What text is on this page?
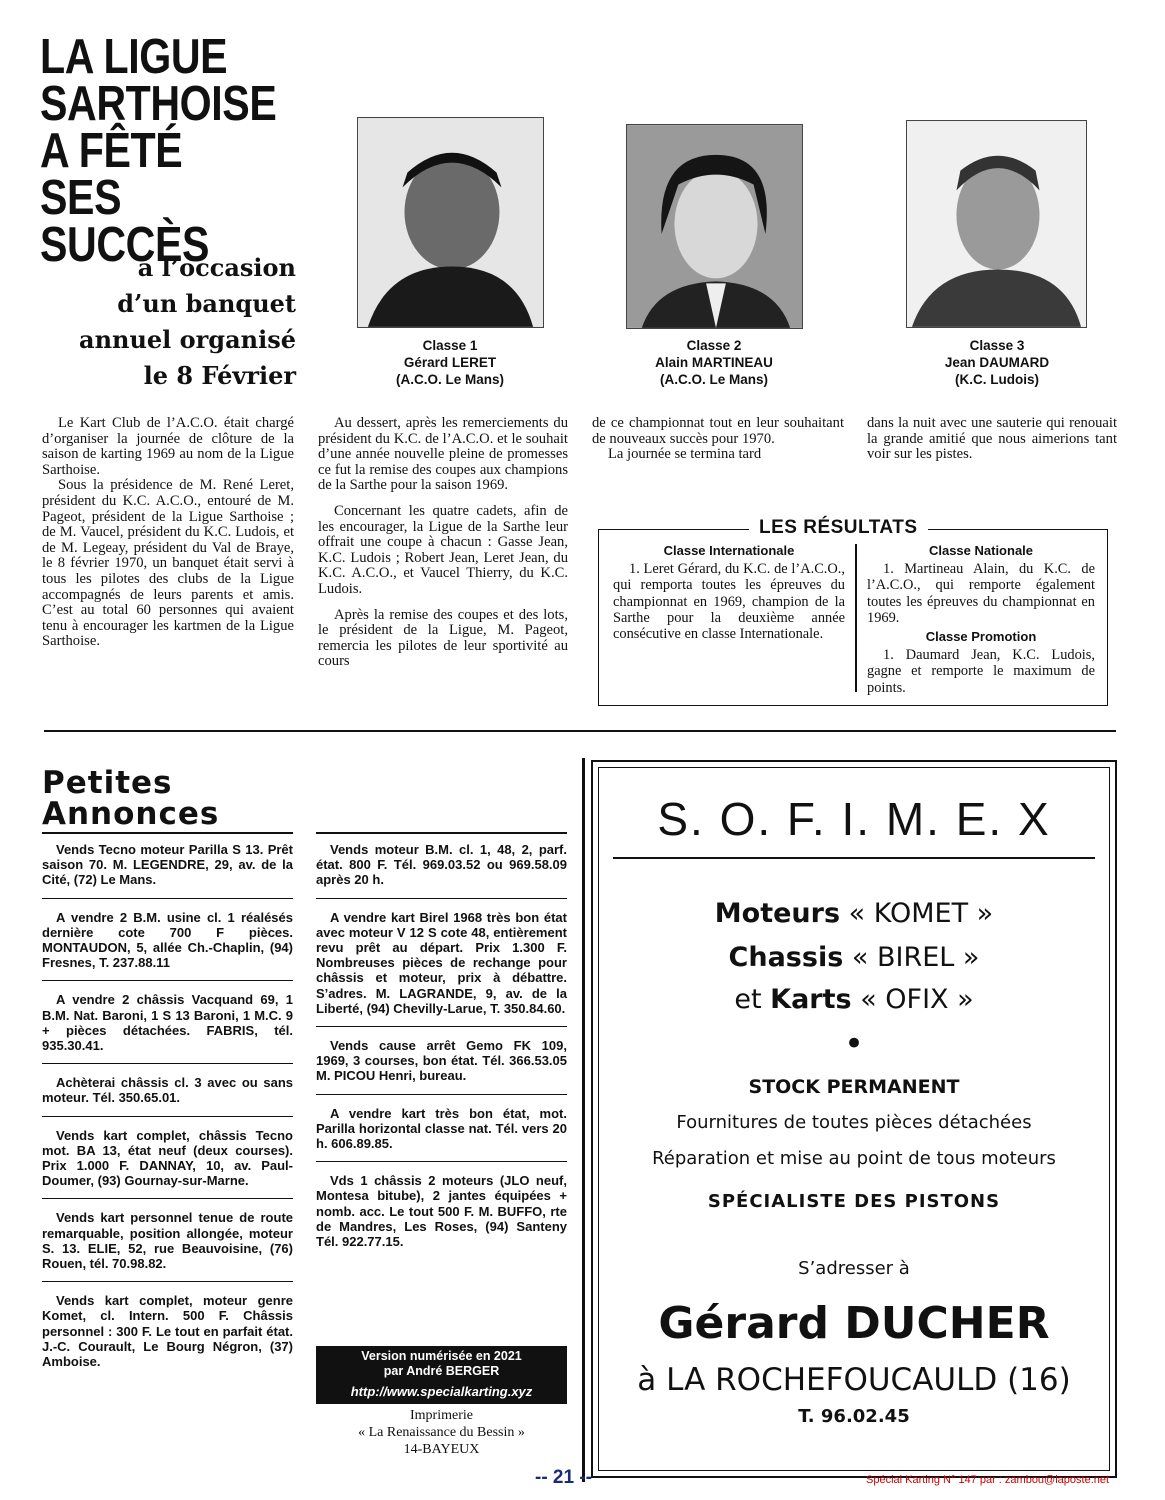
LA LIGUE
SARTHOISE
A FÊTÉ
SES SUCCÈS
à l’occasion
d’un banquet
annuel organisé
le 8 Février
Classe 1
Gérard LERET
(A.C.O. Le Mans)
Classe 2
Alain MARTINEAU
(A.C.O. Le Mans)
Classe 3
Jean DAUMARD
(K.C. Ludois)

Le Kart Club de l’A.C.O. était chargé d’organiser la journée de clôture de la saison de karting 1969 au nom de la Ligue Sarthoise.

Sous la présidence de M. René Leret, président du K.C. A.C.O., entouré de M. Pageot, président de la Ligue Sarthoise ; de M. Vaucel, président du K.C. Ludois, et de M. Legeay, président du Val de Braye, le 8 février 1970, un banquet était servi à tous les pilotes des clubs de la Ligue accompagnés de leurs parents et amis. C’est au total 60 personnes qui avaient tenu à encourager les kartmen de la Ligue Sarthoise.

Au dessert, après les remerciements du président du K.C. de l’A.C.O. et le souhait d’une année nouvelle pleine de promesses ce fut la remise des coupes aux champions de la Sarthe pour la saison 1969.

Concernant les quatre cadets, afin de les encourager, la Ligue de la Sarthe leur offrait une coupe à chacun : Gasse Jean, K.C. Ludois ; Robert Jean, Leret Jean, du K.C. A.C.O., et Vaucel Thierry, du K.C. Ludois.

Après la remise des coupes et des lots, le président de la Ligue, M. Pageot, remercia les pilotes de leur sportivité au cours

de ce championnat tout en leur souhaitant de nouveaux succès pour 1970.

La journée se termina tard

dans la nuit avec une sauterie qui renouait la grande amitié que nous aimerions tant voir sur les pistes.

LES RÉSULTATS
Classe Internationale

1. Leret Gérard, du K.C. de l’A.C.O., qui remporta toutes les épreuves du championnat en 1969, champion de la Sarthe pour la deuxième année consécutive en classe Internationale.

Classe Nationale

1. Martineau Alain, du K.C. de l’A.C.O., qui remporte également toutes les épreuves du championnat en 1969.

Classe Promotion

1. Daumard Jean, K.C. Ludois, gagne et remporte le maximum de points.

Petites
Annonces
Vends Tecno moteur Parilla S 13. Prêt saison 70. M. LEGENDRE, 29, av. de la Cité, (72) Le Mans.
A vendre 2 B.M. usine cl. 1 réalésés dernière cote 700 F pièces. MONTAUDON, 5, allée Ch.-Chaplin, (94) Fresnes, T. 237.88.11
A vendre 2 châssis Vacquand 69, 1 B.M. Nat. Baroni, 1 S 13 Baroni, 1 M.C. 9 + pièces détachées. FABRIS, tél. 935.30.41.
Achèterai châssis cl. 3 avec ou sans moteur. Tél. 350.65.01.
Vends kart complet, châssis Tecno mot. BA 13, état neuf (deux courses). Prix 1.000 F. DANNAY, 10, av. Paul-Doumer, (93) Gournay-sur-Marne.
Vends kart personnel tenue de route remarquable, position allongée, moteur S. 13. ELIE, 52, rue Beauvoisine, (76) Rouen, tél. 70.98.82.
Vends kart complet, moteur genre Komet, cl. Intern. 500 F. Châssis personnel : 300 F. Le tout en parfait état. J.-C. Courault, Le Bourg Négron, (37) Amboise.
Vends moteur B.M. cl. 1, 48, 2, parf. état. 800 F. Tél. 969.03.52 ou 969.58.09 après 20 h.
A vendre kart Birel 1968 très bon état avec moteur V 12 S cote 48, entièrement revu prêt au départ. Prix 1.300 F. Nombreuses pièces de rechange pour châssis et moteur, prix à débattre. S’adres. M. LAGRANDE, 9, av. de la Liberté, (94) Chevilly-Larue, T. 350.84.60.
Vends cause arrêt Gemo FK 109, 1969, 3 courses, bon état. Tél. 366.53.05 M. PICOU Henri, bureau.
A vendre kart très bon état, mot. Parilla horizontal classe nat. Tél. vers 20 h. 606.89.85.
Vds 1 châssis 2 moteurs (JLO neuf, Montesa bitube), 2 jantes équipées + nomb. acc. Le tout 500 F. M. BUFFO, rte de Mandres, Les Roses, (94) Santeny Tél. 922.77.15.
Version numérisée en 2021
par André BERGER
http://www.specialkarting.xyz
Imprimerie
« La Renaissance du Bessin »
14-BAYEUX
S. O. F. I. M. E. X
Moteurs « KOMET »
Chassis « BIREL »
et Karts « OFIX »
•
STOCK PERMANENT
Fournitures de toutes pièces détachées
Réparation et mise au point de tous moteurs
SPÉCIALISTE DES PISTONS
S’adresser à
Gérard DUCHER
à LA ROCHEFOUCAULD (16)
T. 96.02.45
-- 21 --	Spécial Karting N° 147 par : zambou@laposte.net
